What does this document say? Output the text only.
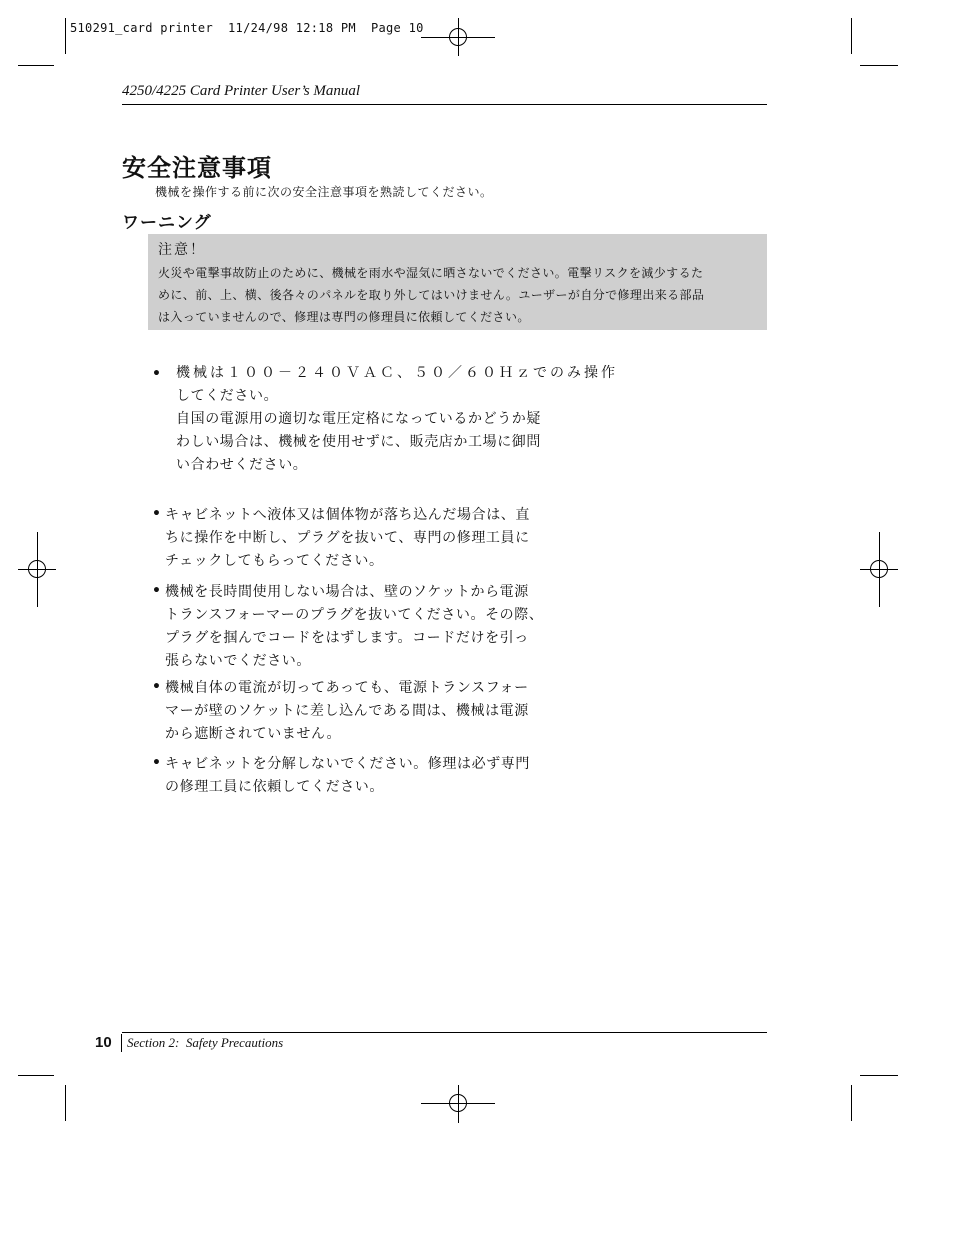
510291_card printer  11/24/98 12:18 PM  Page 10
4250/4225 Card Printer User’s Manual
安全注意事項
機械を操作する前に次の安全注意事項を熟読してください。
ワーニング
注意！
火災や電撃事故防止のために、機械を雨水や湿気に晒さないでください。電撃リスクを減少するた
めに、前、上、横、後各々のパネルを取り外してはいけません。ユーザーが自分で修理出来る部品
は入っていませんので、修理は専門の修理員に依頼してください。
• 機械は１００－２４０ＶＡＣ、５０／６０Ｈｚでのみ操作
してください。
自国の電源用の適切な電圧定格になっているかどうか疑
わしい場合は、機械を使用せずに、販売店か工場に御問
い合わせください。
• キャビネットへ液体又は個体物が落ち込んだ場合は、直
ちに操作を中断し、プラグを抜いて、専門の修理工員に
チェックしてもらってください。
• 機械を長時間使用しない場合は、壁のソケットから電源
トランスフォーマーのプラグを抜いてください。その際、
プラグを掴んでコードをはずします。コードだけを引っ
張らないでください。
• 機械自体の電流が切ってあっても、電源トランスフォー
マーが壁のソケットに差し込んである間は、機械は電源
から遮断されていません。
• キャビネットを分解しないでください。修理は必ず専門
の修理工員に依頼してください。
10 Section 2:  Safety Precautions
